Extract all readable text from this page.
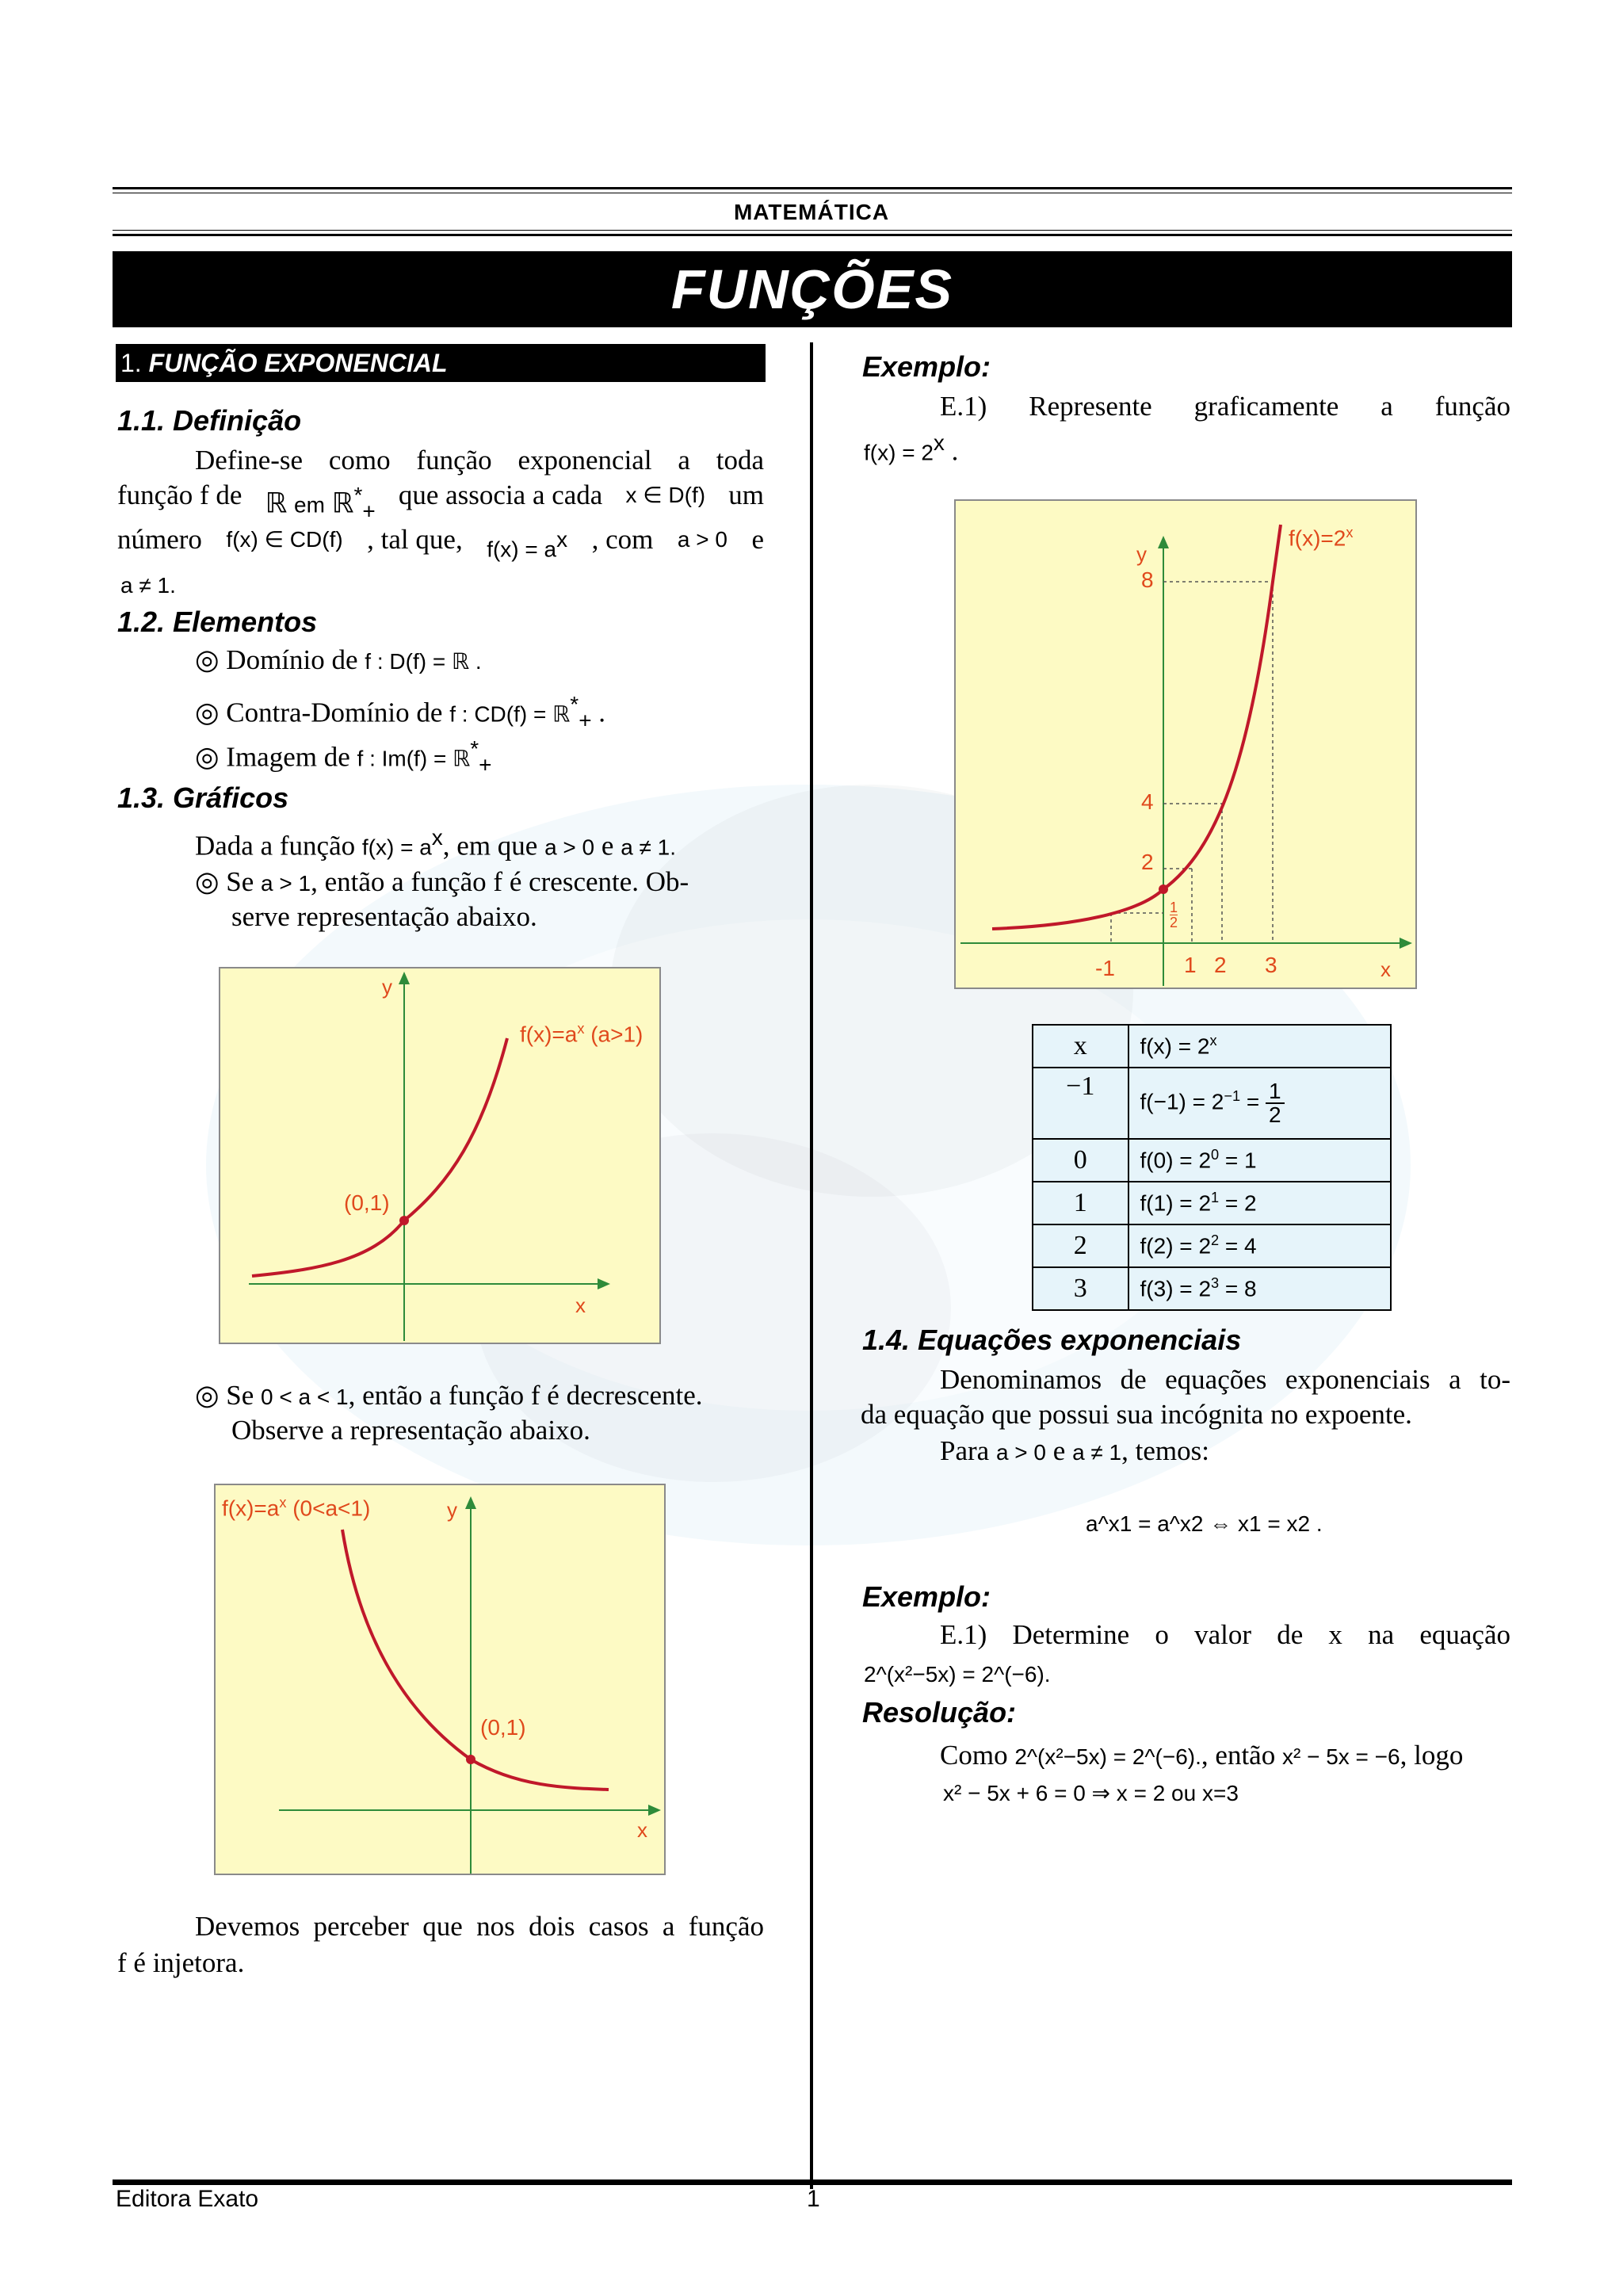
MATEMÁTICA
FUNÇÕES
1. FUNÇÃO EXPONENCIAL
1.1. Definição
Define-se como função exponencial a toda
função f de ℝ em ℝ*$_+$
que associa a cada x ∈ D(f) um
número f(x) ∈ CD(f) , tal que, $f(x) = a^x$ , com a > 0 e
a ≠ 1.
1.2. Elementos
◎ Domínio de f : D(f) = ℝ .
◎ Contra-Domínio de f : CD(f) = ℝ*$_+$ .
◎ Imagem de f : Im(f) = ℝ*$_+$
1.3. Gráficos
Dada a função $f(x) = a^x$, em que a > 0 e a ≠ 1.
◎ Se a > 1, então a função f é crescente. Ob-
serve representação abaixo.
y
x
(0,1)
$f(x)=a^x$ (a>1)
◎ Se 0 < a < 1, então a função f é decrescente.
Observe a representação abaixo.
$f(x)=a^x$ (0<a<1)	y
(0,1)
x
Devemos perceber que nos dois casos a função
f é injetora.
Exemplo:
E.1) Represente graficamente a função
$f(x) = 2^x$ .
y
$f(x)=2^x$
8
4
2
1
2
-1	1 2 3	x
x	$f(x) = 2^x$
−1	$f(-1) = 2^{-1} = \frac{1}{2}$

0	$f(0) = 2^0 = 1$
1	$f(1) = 2^1 = 2$
2	$f(2) = 2^2 = 4$
3	$f(3) = 2^3 = 8$
1.4. Equações exponenciais
Denominamos de equações exponenciais a to-
da equação que possui sua incógnita no expoente.
Para a > 0 e a ≠ 1, temos:
a^x1 = a^x2 ⇔ x1 = x2 .
Exemplo:
E.1) Determine o valor de x na equação
2^(x²−5x) = 2^(−6).
Resolução:
Como 2^(x²−5x) = 2^(−6)., então x² − 5x = −6, logo
x² − 5x + 6 = 0 ⇒ x = 2 ou x=3
Editora Exato	1
